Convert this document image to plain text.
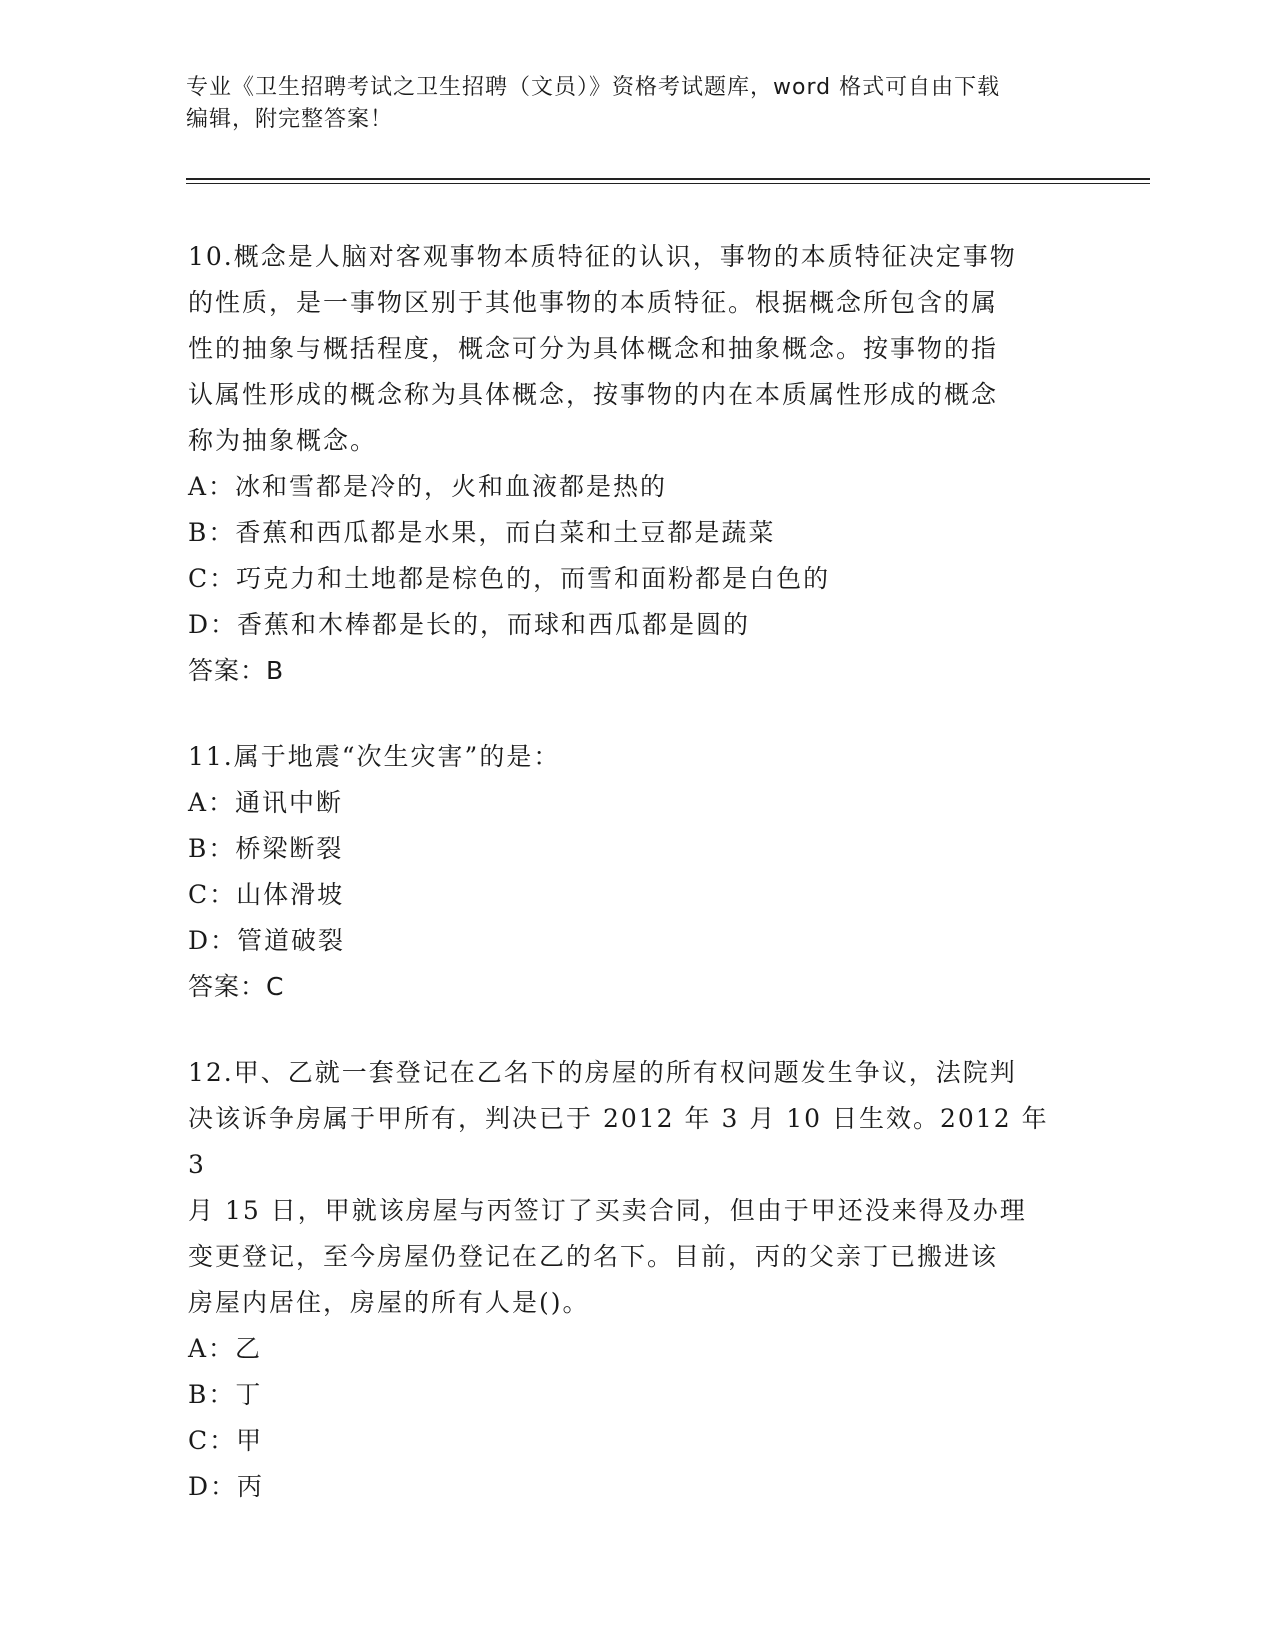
专业《卫生招聘考试之卫生招聘（文员）》资格考试题库，word 格式可自由下载
编辑，附完整答案！

10.概念是人脑对客观事物本质特征的认识，事物的本质特征决定事物

的性质，是一事物区别于其他事物的本质特征。根据概念所包含的属

性的抽象与概括程度，概念可分为具体概念和抽象概念。按事物的指

认属性形成的概念称为具体概念，按事物的内在本质属性形成的概念

称为抽象概念。

A：冰和雪都是冷的，火和血液都是热的

B：香蕉和西瓜都是水果，而白菜和土豆都是蔬菜

C：巧克力和土地都是棕色的，而雪和面粉都是白色的

D：香蕉和木棒都是长的，而球和西瓜都是圆的

答案：B

11.属于地震“次生灾害”的是：

A：通讯中断

B：桥梁断裂

C：山体滑坡

D：管道破裂

答案：C

12.甲、乙就一套登记在乙名下的房屋的所有权问题发生争议，法院判

决该诉争房属于甲所有，判决已于 2012 年 3 月 10 日生效。2012 年 3

月 15 日，甲就该房屋与丙签订了买卖合同，但由于甲还没来得及办理

变更登记，至今房屋仍登记在乙的名下。目前，丙的父亲丁已搬进该

房屋内居住，房屋的所有人是()。

A：乙

B：丁

C：甲

D：丙
